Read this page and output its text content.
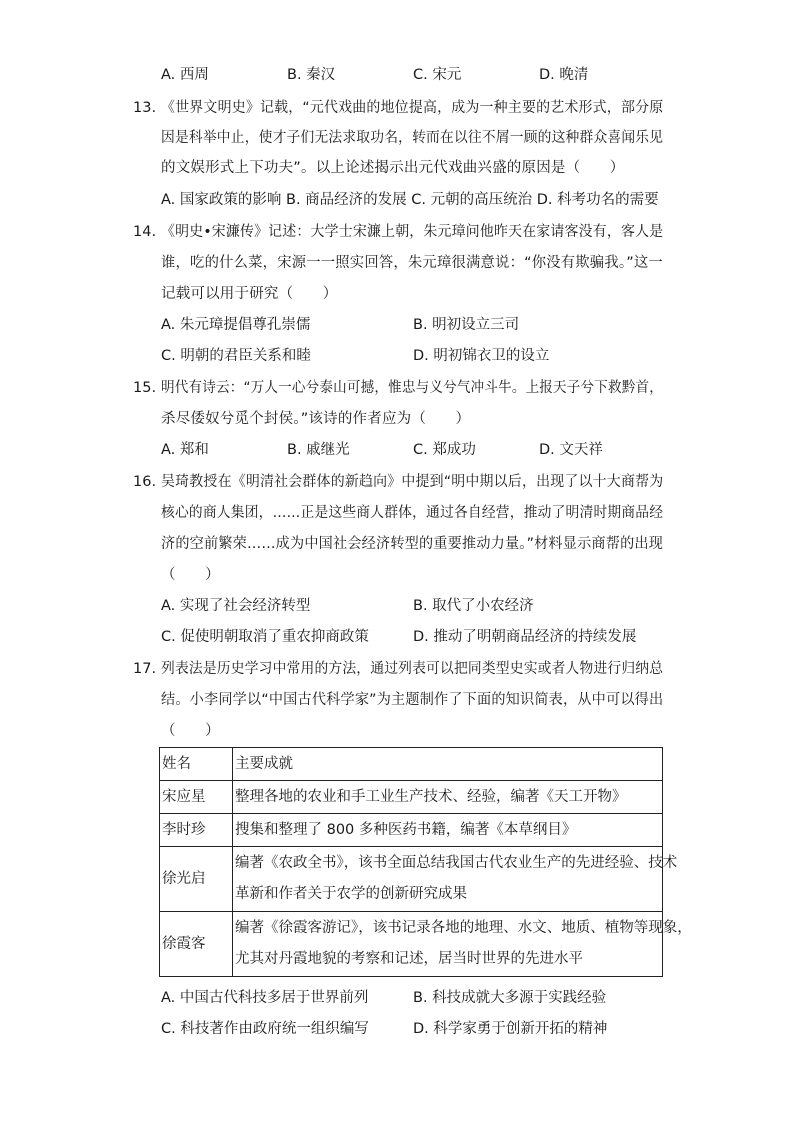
A. 西周	B. 秦汉	C. 宋元	D. 晚清
13. 《世界文明史》记载，“元代戏曲的地位提高，成为一种主要的艺术形式，部分原
因是科举中止，使才子们无法求取功名，转而在以往不屑一顾的这种群众喜闻乐见
的文娱形式上下功夫”。以上论述揭示出元代戏曲兴盛的原因是（　　）
A. 国家政策的影响 B. 商品经济的发展 C. 元朝的高压统治 D. 科考功名的需要
14. 《明史•宋濂传》记述：大学士宋濂上朝，朱元璋问他昨天在家请客没有，客人是
谁，吃的什么菜，宋源一一照实回答，朱元璋很满意说：“你没有欺骗我。”这一
记载可以用于研究（　　）
A. 朱元璋提倡尊孔崇儒	B. 明初设立三司
C. 明朝的君臣关系和睦	D. 明初锦衣卫的设立
15. 明代有诗云：“万人一心兮泰山可撼，惟忠与义兮气冲斗牛。上报天子兮下救黔首，
杀尽倭奴兮觅个封侯。”该诗的作者应为（　　）
A. 郑和	B. 戚继光	C. 郑成功	D. 文天祥
16. 吴琦教授在《明清社会群体的新趋向》中提到“明中期以后，出现了以十大商帮为
核心的商人集团，……正是这些商人群体，通过各自经营，推动了明清时期商品经
济的空前繁荣……成为中国社会经济转型的重要推动力量。”材料显示商帮的出现
（　　）
A. 实现了社会经济转型	B. 取代了小农经济
C. 促使明朝取消了重农抑商政策	D. 推动了明朝商品经济的持续发展
17. 列表法是历史学习中常用的方法，通过列表可以把同类型史实或者人物进行归纳总
结。小李同学以“中国古代科学家”为主题制作了下面的知识简表，从中可以得出
（　　）
姓名	主要成就
宋应星	整理各地的农业和手工业生产技术、经验，编著《天工开物》
李时珍	搜集和整理了 800 多种医药书籍，编著《本草纲目》
徐光启	编著《农政全书》，该书全面总结我国古代农业生产的先进经验、技术
革新和作者关于农学的创新研究成果

徐霞客	编著《徐霞客游记》，该书记录各地的地理、水文、地质、植物等现象，
尤其对丹霞地貌的考察和记述，居当时世界的先进水平
A. 中国古代科技多居于世界前列	B. 科技成就大多源于实践经验
C. 科技著作由政府统一组织编写	D. 科学家勇于创新开拓的精神
